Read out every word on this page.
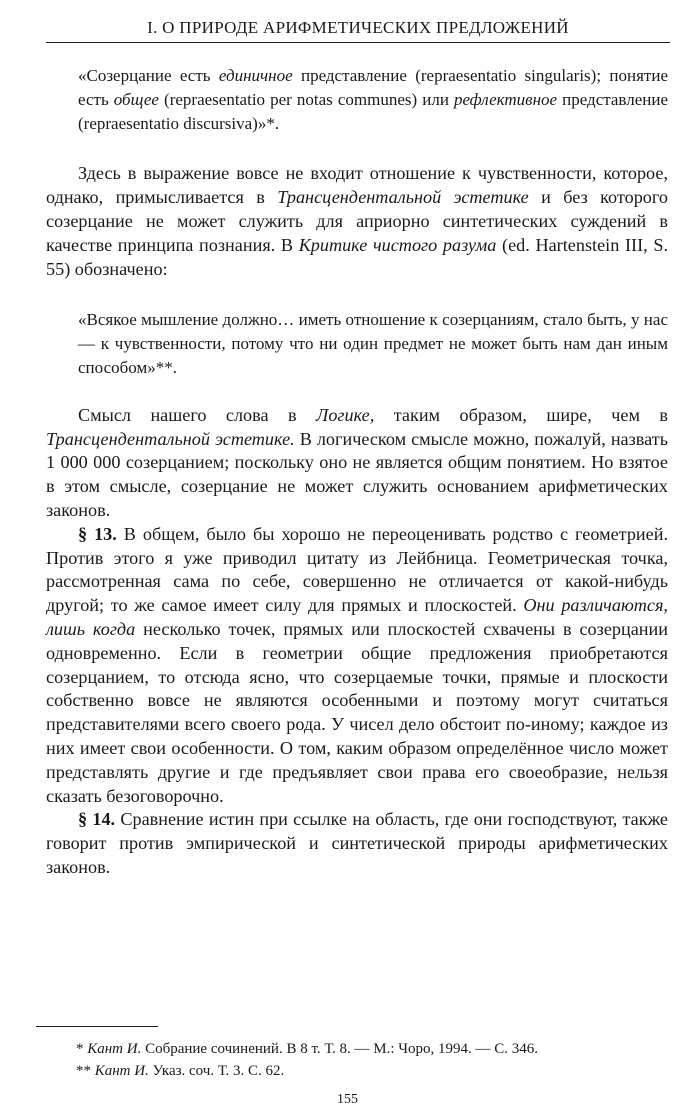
I. О ПРИРОДЕ АРИФМЕТИЧЕСКИХ ПРЕДЛОЖЕНИЙ

«Созерцание есть единичное представление (repraesentatio singularis); понятие есть общее (repraesentatio per notas communes) или рефлективное представление (repraesentatio discursiva)»*.

Здесь в выражение вовсе не входит отношение к чувственности, которое, однако, примысливается в Трансцендентальной эстетике и без которого созерцание не может служить для априорно синтетических суждений в качестве принципа познания. В Критике чистого разума (ed. Hartenstein III, S. 55) обозначено:

«Всякое мышление должно… иметь отношение к созерцаниям, стало быть, у нас — к чувственности, потому что ни один предмет не может быть нам дан иным способом»**.

Смысл нашего слова в Логике, таким образом, шире, чем в Трансцендентальной эстетике. В логическом смысле можно, пожалуй, назвать 1 000 000 созерцанием; поскольку оно не является общим понятием. Но взятое в этом смысле, созерцание не может служить основанием арифметических законов.

§ 13. В общем, было бы хорошо не переоценивать родство с геометрией. Против этого я уже приводил цитату из Лейбница. Геометрическая точка, рассмотренная сама по себе, совершенно не отличается от какой-нибудь другой; то же самое имеет силу для прямых и плоскостей. Они различаются, лишь когда несколько точек, прямых или плоскостей схвачены в созерцании одновременно. Если в геометрии общие предложения приобретаются созерцанием, то отсюда ясно, что созерцаемые точки, прямые и плоскости собственно вовсе не являются особенными и поэтому могут считаться представителями всего своего рода. У чисел дело обстоит по-иному; каждое из них имеет свои особенности. О том, каким образом определённое число может представлять другие и где предъявляет свои права его своеобразие, нельзя сказать безоговорочно.

§ 14. Сравнение истин при ссылке на область, где они господствуют, также говорит против эмпирической и синтетической природы арифметических законов.

* Кант И. Собрание сочинений. В 8 т. Т. 8. — М.: Чоро, 1994. — С. 346.

** Кант И. Указ. соч. Т. 3. С. 62.

155
